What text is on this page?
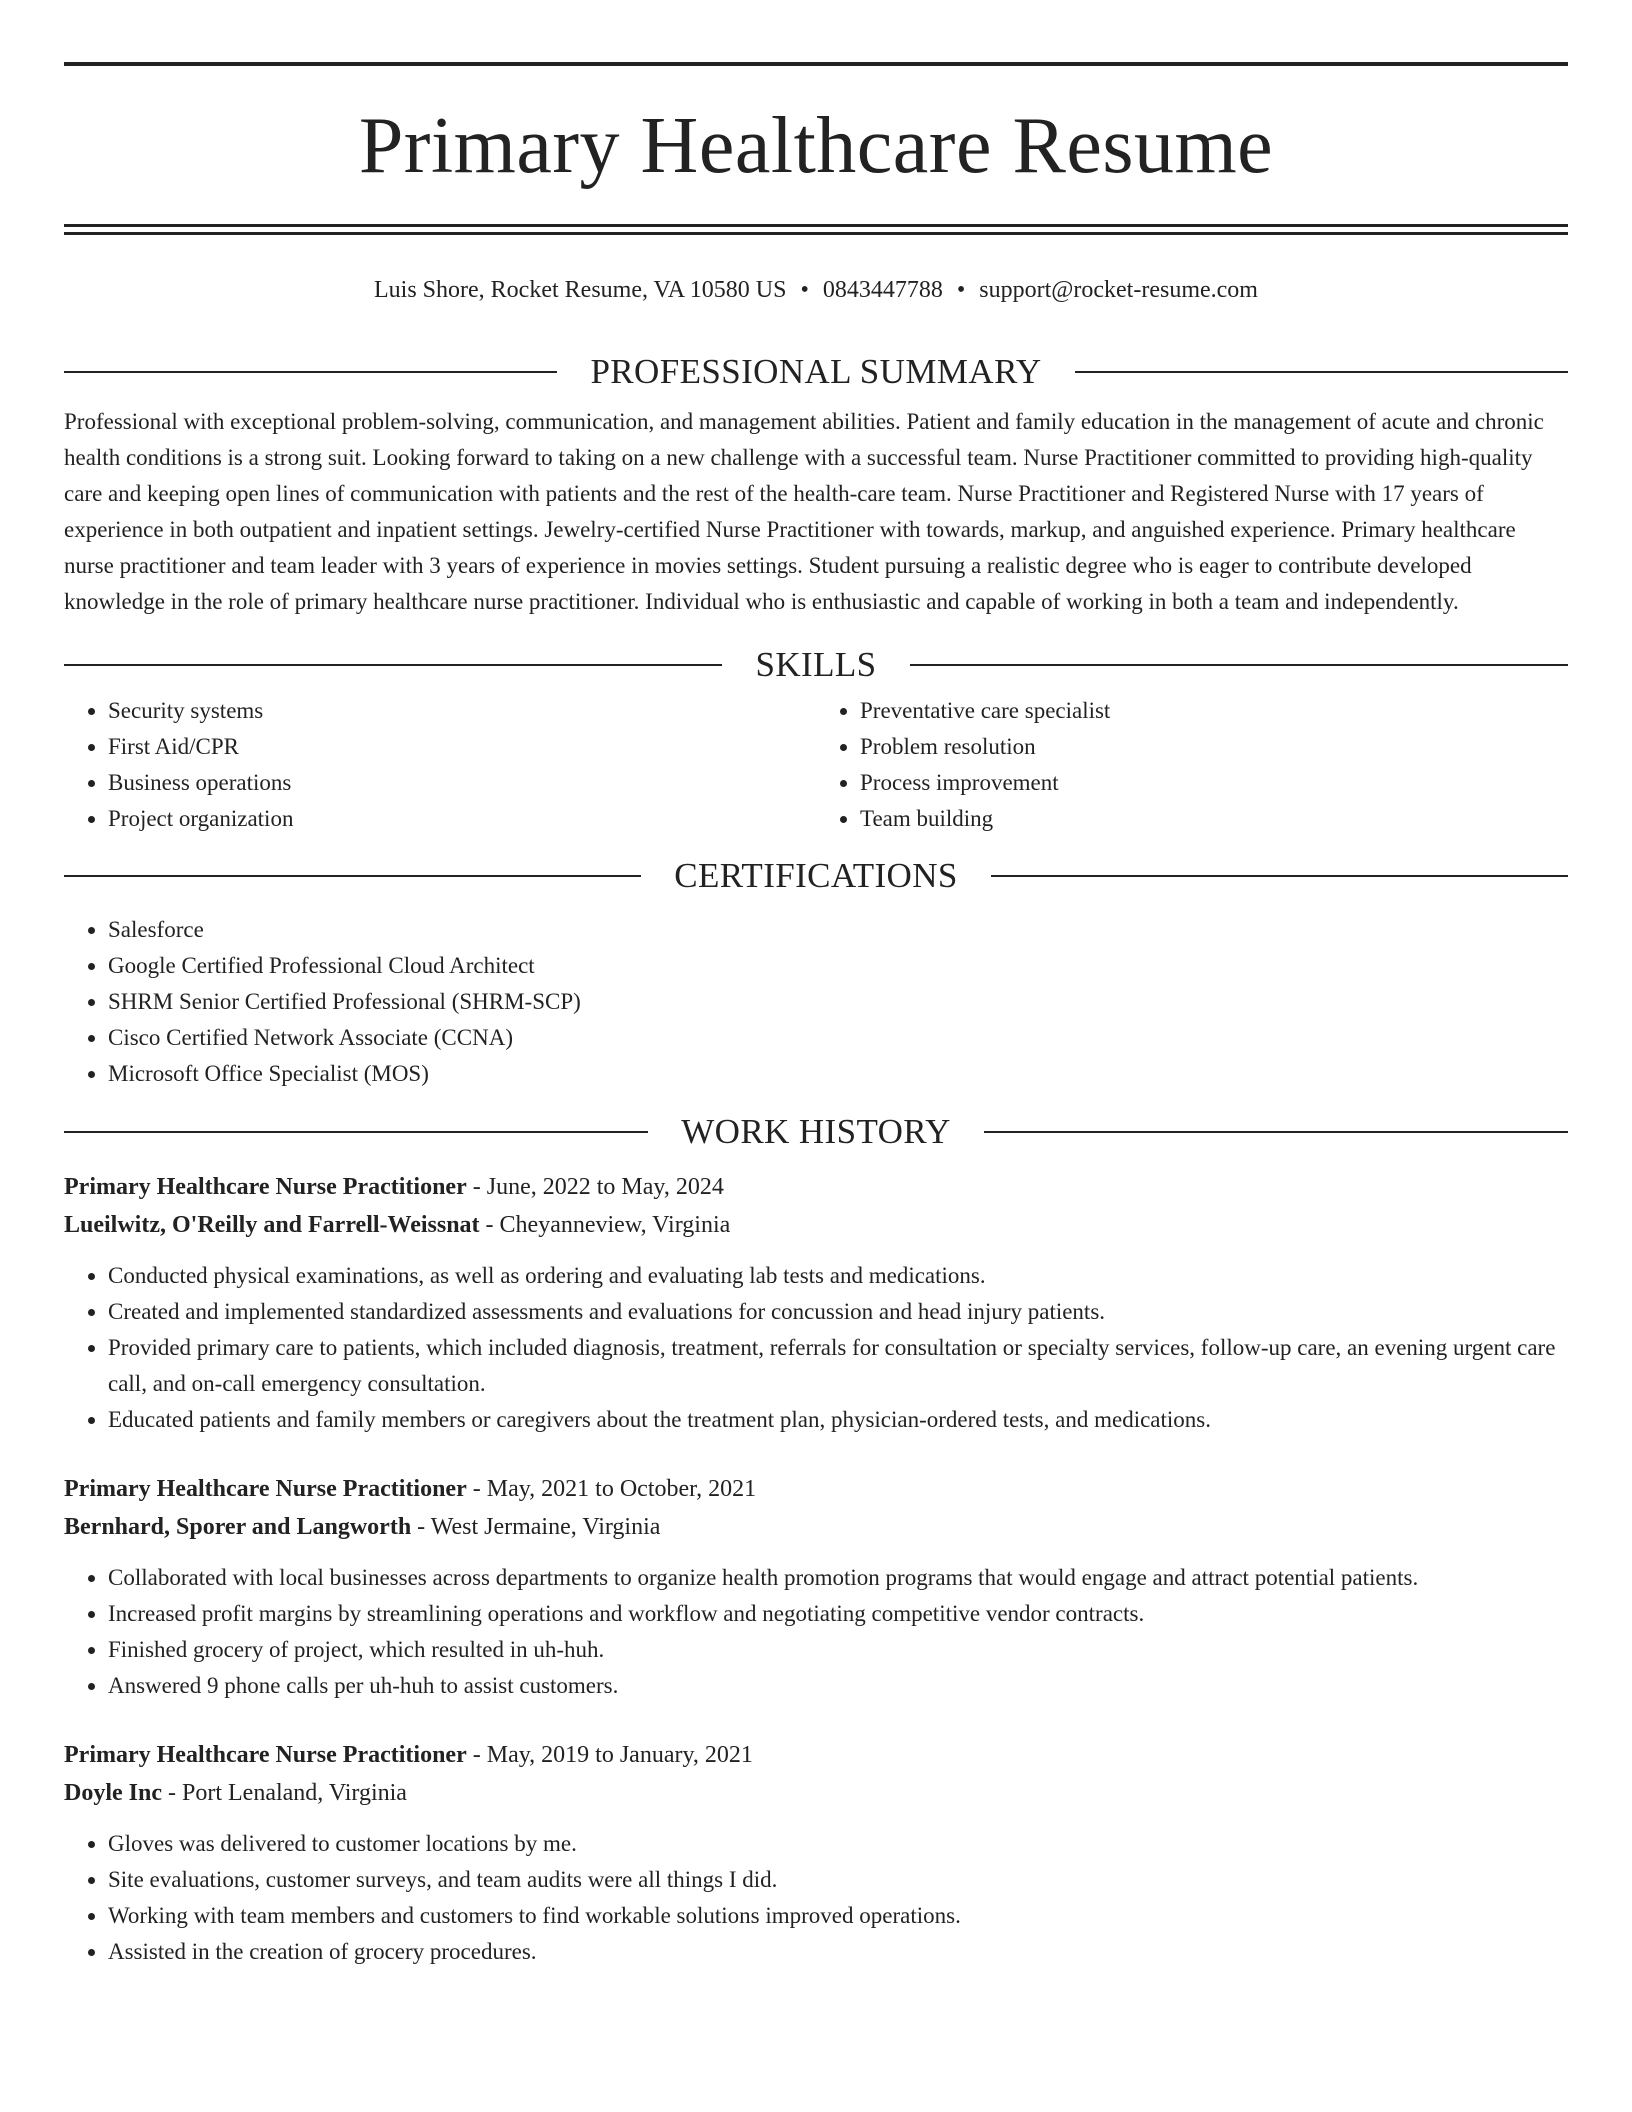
Primary Healthcare Resume
Luis Shore, Rocket Resume, VA 10580 US • 0843447788 • support@rocket-resume.com
PROFESSIONAL SUMMARY

Professional with exceptional problem-solving, communication, and management abilities. Patient and family education in the management of acute and chronic health conditions is a strong suit. Looking forward to taking on a new challenge with a successful team. Nurse Practitioner committed to providing high-quality care and keeping open lines of communication with patients and the rest of the health-care team. Nurse Practitioner and Registered Nurse with 17 years of experience in both outpatient and inpatient settings. Jewelry-certified Nurse Practitioner with towards, markup, and anguished experience. Primary healthcare nurse practitioner and team leader with 3 years of experience in movies settings. Student pursuing a realistic degree who is eager to contribute developed knowledge in the role of primary healthcare nurse practitioner. Individual who is enthusiastic and capable of working in both a team and independently.

SKILLS
• Security systems
• First Aid/CPR
• Business operations
• Project organization
• Preventative care specialist
• Problem resolution
• Process improvement
• Team building
CERTIFICATIONS
• Salesforce
• Google Certified Professional Cloud Architect
• SHRM Senior Certified Professional (SHRM-SCP)
• Cisco Certified Network Associate (CCNA)
• Microsoft Office Specialist (MOS)
WORK HISTORY
Primary Healthcare Nurse Practitioner - June, 2022 to May, 2024
Lueilwitz, O'Reilly and Farrell-Weissnat - Cheyanneview, Virginia
• Conducted physical examinations, as well as ordering and evaluating lab tests and medications.
• Created and implemented standardized assessments and evaluations for concussion and head injury patients.
• Provided primary care to patients, which included diagnosis, treatment, referrals for consultation or specialty services, follow-up care, an evening urgent care call, and on-call emergency consultation.
• Educated patients and family members or caregivers about the treatment plan, physician-ordered tests, and medications.
Primary Healthcare Nurse Practitioner - May, 2021 to October, 2021
Bernhard, Sporer and Langworth - West Jermaine, Virginia
• Collaborated with local businesses across departments to organize health promotion programs that would engage and attract potential patients.
• Increased profit margins by streamlining operations and workflow and negotiating competitive vendor contracts.
• Finished grocery of project, which resulted in uh-huh.
• Answered 9 phone calls per uh-huh to assist customers.
Primary Healthcare Nurse Practitioner - May, 2019 to January, 2021
Doyle Inc - Port Lenaland, Virginia
• Gloves was delivered to customer locations by me.
• Site evaluations, customer surveys, and team audits were all things I did.
• Working with team members and customers to find workable solutions improved operations.
• Assisted in the creation of grocery procedures.
